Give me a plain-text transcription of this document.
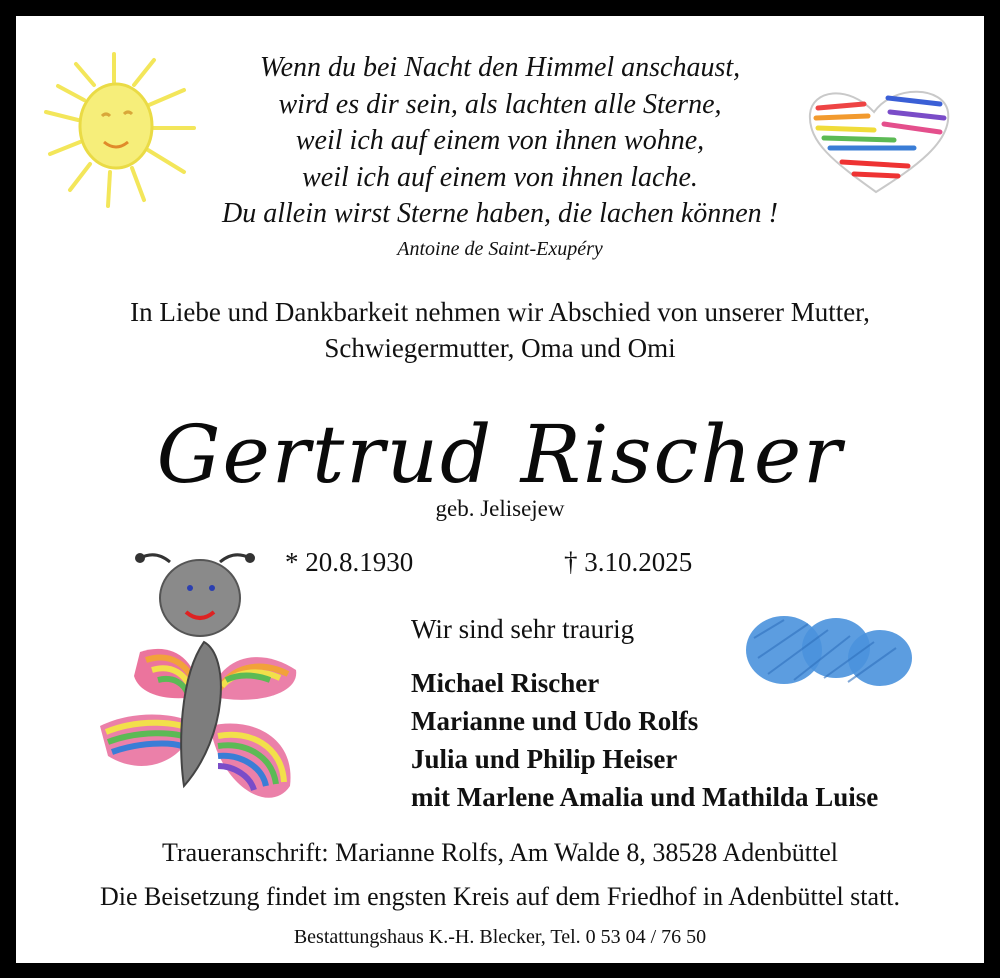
Wenn du bei Nacht den Himmel anschaust,
wird es dir sein, als lachten alle Sterne,
weil ich auf einem von ihnen wohne,
weil ich auf einem von ihnen lache.
Du allein wirst Sterne haben, die lachen können !
Antoine de Saint-Exupéry
In Liebe und Dankbarkeit nehmen wir Abschied von unserer Mutter,
Schwiegermutter, Oma und Omi
Gertrud Rischer
geb. Jelisejew
* 20.8.1930	† 3.10.2025
Wir sind sehr traurig
Michael Rischer
Marianne und Udo Rolfs
Julia und Philip Heiser
mit Marlene Amalia und Mathilda Luise
Traueranschrift: Marianne Rolfs, Am Walde 8, 38528 Adenbüttel
Die Beisetzung findet im engsten Kreis auf dem Friedhof in Adenbüttel statt.
Bestattungshaus K.-H. Blecker, Tel. 0 53 04 / 76 50
